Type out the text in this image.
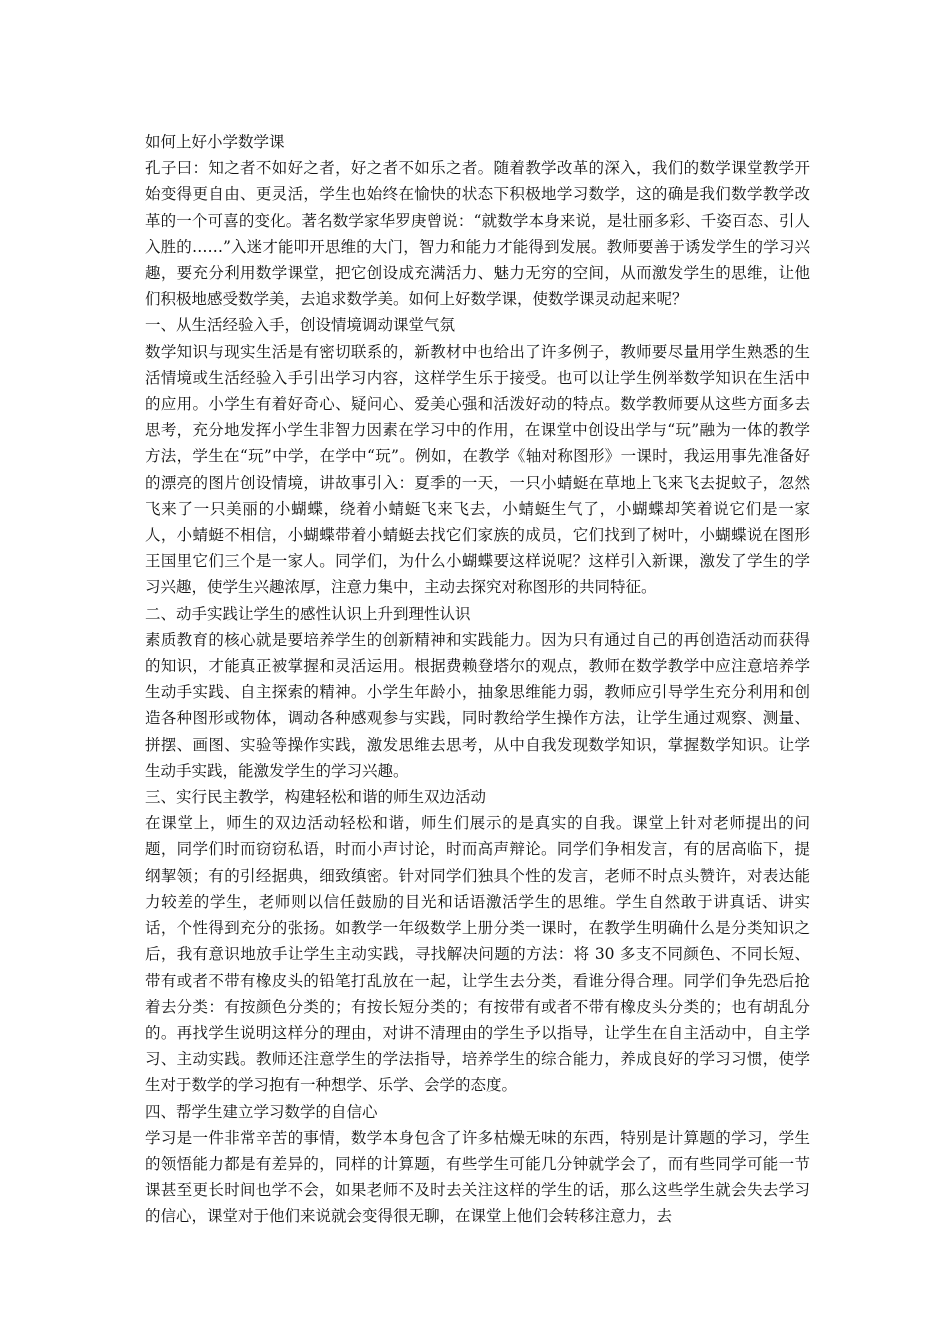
如何上好小学数学课

孔子曰：知之者不如好之者，好之者不如乐之者。随着教学改革的深入，我们的数学课堂教学开始变得更自由、更灵活，学生也始终在愉快的状态下积极地学习数学，这的确是我们数学教学改革的一个可喜的变化。著名数学家华罗庚曾说：“就数学本身来说，是壮丽多彩、千姿百态、引人入胜的……”入迷才能叩开思维的大门，智力和能力才能得到发展。教师要善于诱发学生的学习兴趣，要充分利用数学课堂，把它创设成充满活力、魅力无穷的空间，从而激发学生的思维，让他们积极地感受数学美，去追求数学美。如何上好数学课，使数学课灵动起来呢？

一、从生活经验入手，创设情境调动课堂气氛

数学知识与现实生活是有密切联系的，新教材中也给出了许多例子，教师要尽量用学生熟悉的生活情境或生活经验入手引出学习内容，这样学生乐于接受。也可以让学生例举数学知识在生活中的应用。小学生有着好奇心、疑问心、爱美心强和活泼好动的特点。数学教师要从这些方面多去思考，充分地发挥小学生非智力因素在学习中的作用，在课堂中创设出学与“玩”融为一体的教学方法，学生在“玩”中学，在学中“玩”。例如，在教学《轴对称图形》一课时，我运用事先准备好的漂亮的图片创设情境，讲故事引入：夏季的一天，一只小蜻蜓在草地上飞来飞去捉蚊子，忽然飞来了一只美丽的小蝴蝶，绕着小蜻蜓飞来飞去，小蜻蜓生气了，小蝴蝶却笑着说它们是一家人，小蜻蜓不相信，小蝴蝶带着小蜻蜓去找它们家族的成员，它们找到了树叶，小蝴蝶说在图形王国里它们三个是一家人。同学们，为什么小蝴蝶要这样说呢？这样引入新课，激发了学生的学习兴趣，使学生兴趣浓厚，注意力集中，主动去探究对称图形的共同特征。

二、动手实践让学生的感性认识上升到理性认识

素质教育的核心就是要培养学生的创新精神和实践能力。因为只有通过自己的再创造活动而获得的知识，才能真正被掌握和灵活运用。根据费赖登塔尔的观点，教师在数学教学中应注意培养学生动手实践、自主探索的精神。小学生年龄小，抽象思维能力弱，教师应引导学生充分利用和创造各种图形或物体，调动各种感观参与实践，同时教给学生操作方法，让学生通过观察、测量、拼摆、画图、实验等操作实践，激发思维去思考，从中自我发现数学知识，掌握数学知识。让学生动手实践，能激发学生的学习兴趣。

三、实行民主教学，构建轻松和谐的师生双边活动

在课堂上，师生的双边活动轻松和谐，师生们展示的是真实的自我。课堂上针对老师提出的问题，同学们时而窃窃私语，时而小声讨论，时而高声辩论。同学们争相发言，有的居高临下，提纲挈领；有的引经据典，细致缜密。针对同学们独具个性的发言，老师不时点头赞许，对表达能力较差的学生，老师则以信任鼓励的目光和话语激活学生的思维。学生自然敢于讲真话、讲实话，个性得到充分的张扬。如教学一年级数学上册分类一课时，在教学生明确什么是分类知识之后，我有意识地放手让学生主动实践，寻找解决问题的方法：将 30 多支不同颜色、不同长短、带有或者不带有橡皮头的铅笔打乱放在一起，让学生去分类，看谁分得合理。同学们争先恐后抢着去分类：有按颜色分类的；有按长短分类的；有按带有或者不带有橡皮头分类的；也有胡乱分的。再找学生说明这样分的理由，对讲不清理由的学生予以指导，让学生在自主活动中，自主学习、主动实践。教师还注意学生的学法指导，培养学生的综合能力，养成良好的学习习惯，使学生对于数学的学习抱有一种想学、乐学、会学的态度。

四、帮学生建立学习数学的自信心

学习是一件非常辛苦的事情，数学本身包含了许多枯燥无味的东西，特别是计算题的学习，学生的领悟能力都是有差异的，同样的计算题，有些学生可能几分钟就学会了，而有些同学可能一节课甚至更长时间也学不会，如果老师不及时去关注这样的学生的话，那么这些学生就会失去学习的信心，课堂对于他们来说就会变得很无聊，在课堂上他们会转移注意力，去
